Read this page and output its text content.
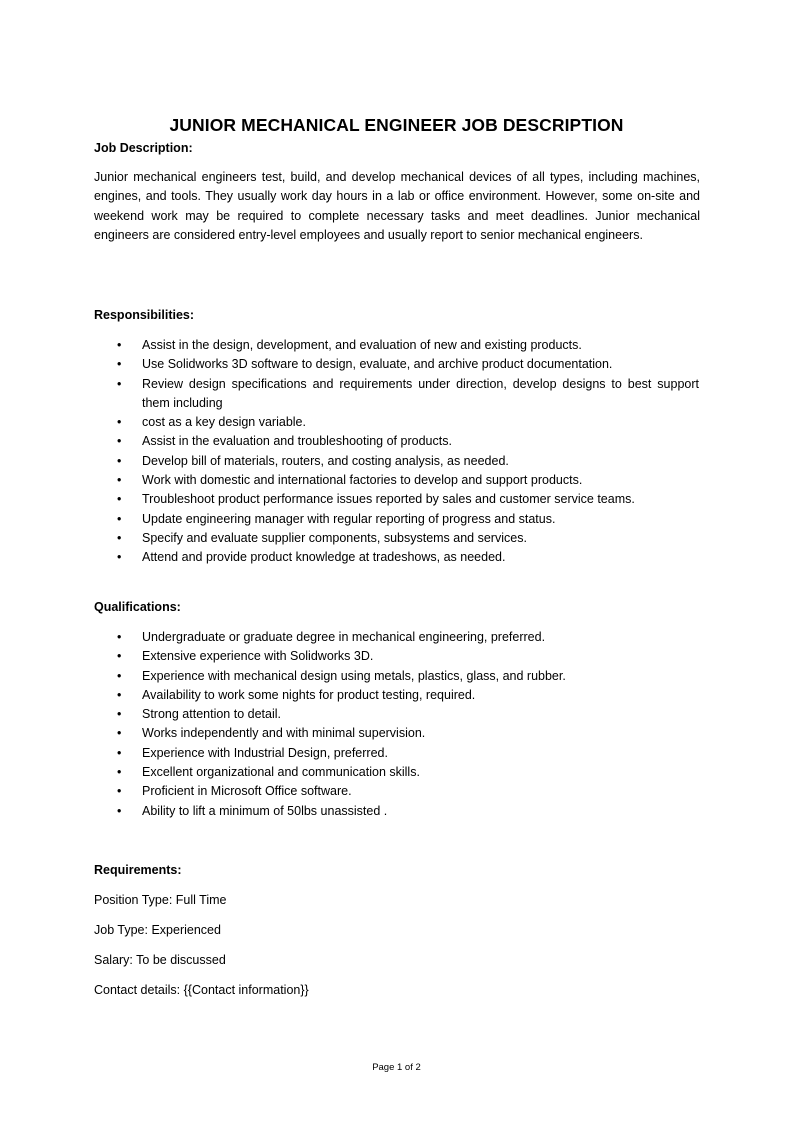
JUNIOR MECHANICAL ENGINEER JOB DESCRIPTION
Job Description:

Junior mechanical engineers test, build, and develop mechanical devices of all types, including machines, engines, and tools. They usually work day hours in a lab or office environment. However, some on-site and weekend work may be required to complete necessary tasks and meet deadlines. Junior mechanical engineers are considered entry-level employees and usually report to senior mechanical engineers.

Responsibilities:
• Assist in the design, development, and evaluation of new and existing products.
• Use Solidworks 3D software to design, evaluate, and archive product documentation.
• Review design specifications and requirements under direction, develop designs to best support them including
• cost as a key design variable.
• Assist in the evaluation and troubleshooting of products.
• Develop bill of materials, routers, and costing analysis, as needed.
• Work with domestic and international factories to develop and support products.
• Troubleshoot product performance issues reported by sales and customer service teams.
• Update engineering manager with regular reporting of progress and status.
• Specify and evaluate supplier components, subsystems and services.
• Attend and provide product knowledge at tradeshows, as needed.
Qualifications:
• Undergraduate or graduate degree in mechanical engineering, preferred.
• Extensive experience with Solidworks 3D.
• Experience with mechanical design using metals, plastics, glass, and rubber.
• Availability to work some nights for product testing, required.
• Strong attention to detail.
• Works independently and with minimal supervision.
• Experience with Industrial Design, preferred.
• Excellent organizational and communication skills.
• Proficient in Microsoft Office software.
• Ability to lift a minimum of 50lbs unassisted .
Requirements:
Position Type: Full Time
Job Type: Experienced
Salary: To be discussed
Contact details: {{Contact information}}
Page 1 of 2
